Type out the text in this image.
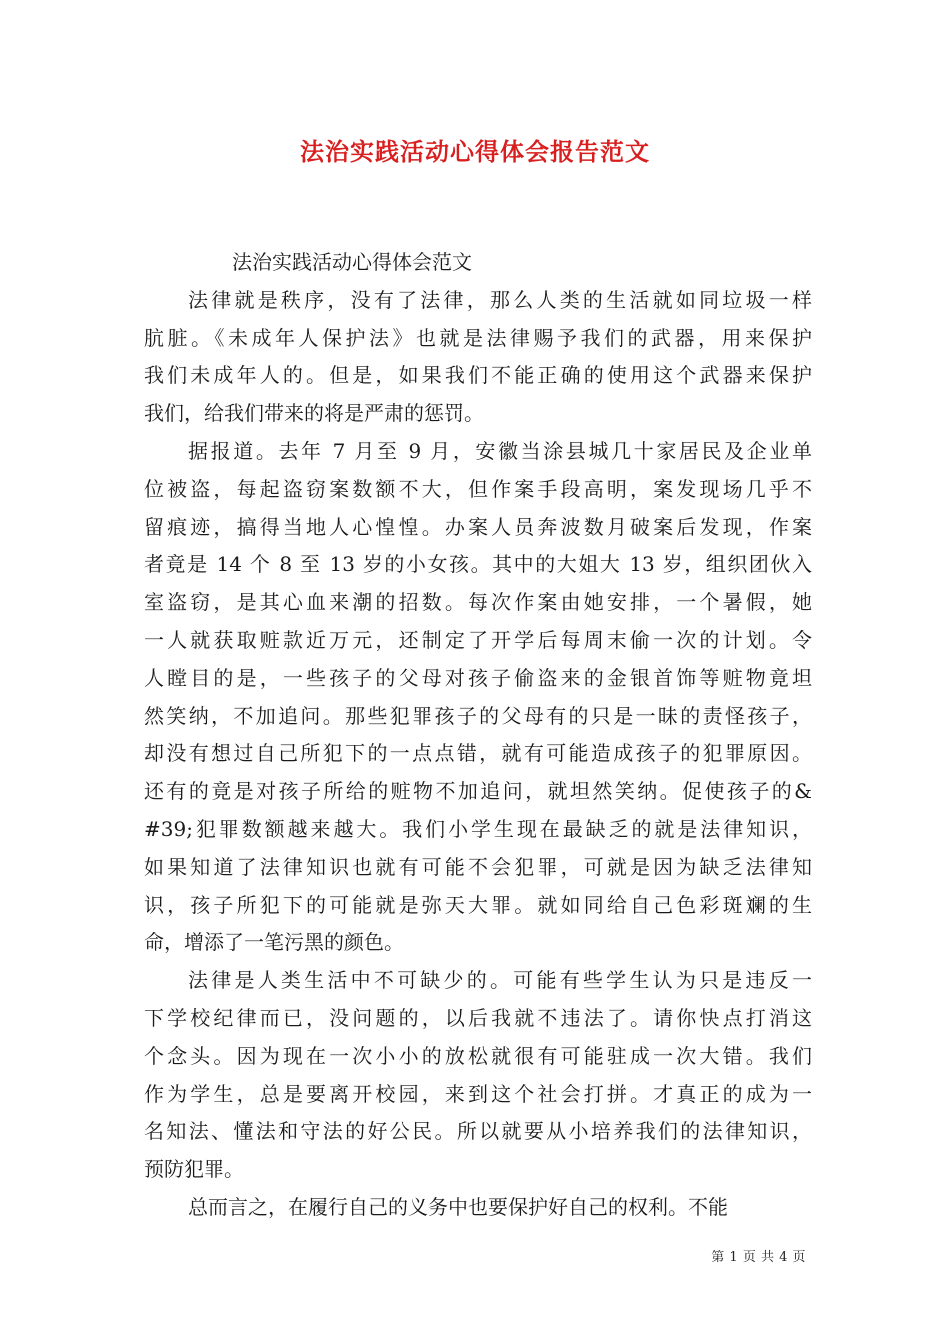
法治实践活动心得体会报告范文

法治实践活动心得体会范文

法律就是秩序，没有了法律，那么人类的生活就如同垃圾一样

肮脏。《未成年人保护法》也就是法律赐予我们的武器，用来保护

我们未成年人的。但是，如果我们不能正确的使用这个武器来保护

我们，给我们带来的将是严肃的惩罚。

据报道。去年 7 月至 9 月，安徽当涂县城几十家居民及企业单

位被盗，每起盗窃案数额不大，但作案手段高明，案发现场几乎不

留痕迹，搞得当地人心惶惶。办案人员奔波数月破案后发现，作案

者竟是 14 个 8 至 13 岁的小女孩。其中的大姐大 13 岁，组织团伙入

室盗窃，是其心血来潮的招数。每次作案由她安排，一个暑假，她

一人就获取赃款近万元，还制定了开学后每周末偷一次的计划。令

人瞠目的是，一些孩子的父母对孩子偷盗来的金银首饰等赃物竟坦

然笑纳，不加追问。那些犯罪孩子的父母有的只是一昧的责怪孩子，

却没有想过自己所犯下的一点点错，就有可能造成孩子的犯罪原因。

还有的竟是对孩子所给的赃物不加追问，就坦然笑纳。促使孩子的&

#39;犯罪数额越来越大。我们小学生现在最缺乏的就是法律知识，

如果知道了法律知识也就有可能不会犯罪，可就是因为缺乏法律知

识，孩子所犯下的可能就是弥天大罪。就如同给自己色彩斑斓的生

命，增添了一笔污黑的颜色。

法律是人类生活中不可缺少的。可能有些学生认为只是违反一

下学校纪律而已，没问题的，以后我就不违法了。请你快点打消这

个念头。因为现在一次小小的放松就很有可能驻成一次大错。我们

作为学生，总是要离开校园，来到这个社会打拼。才真正的成为一

名知法、懂法和守法的好公民。所以就要从小培养我们的法律知识，

预防犯罪。

总而言之，在履行自己的义务中也要保护好自己的权利。不能

第 1 页 共 4 页
